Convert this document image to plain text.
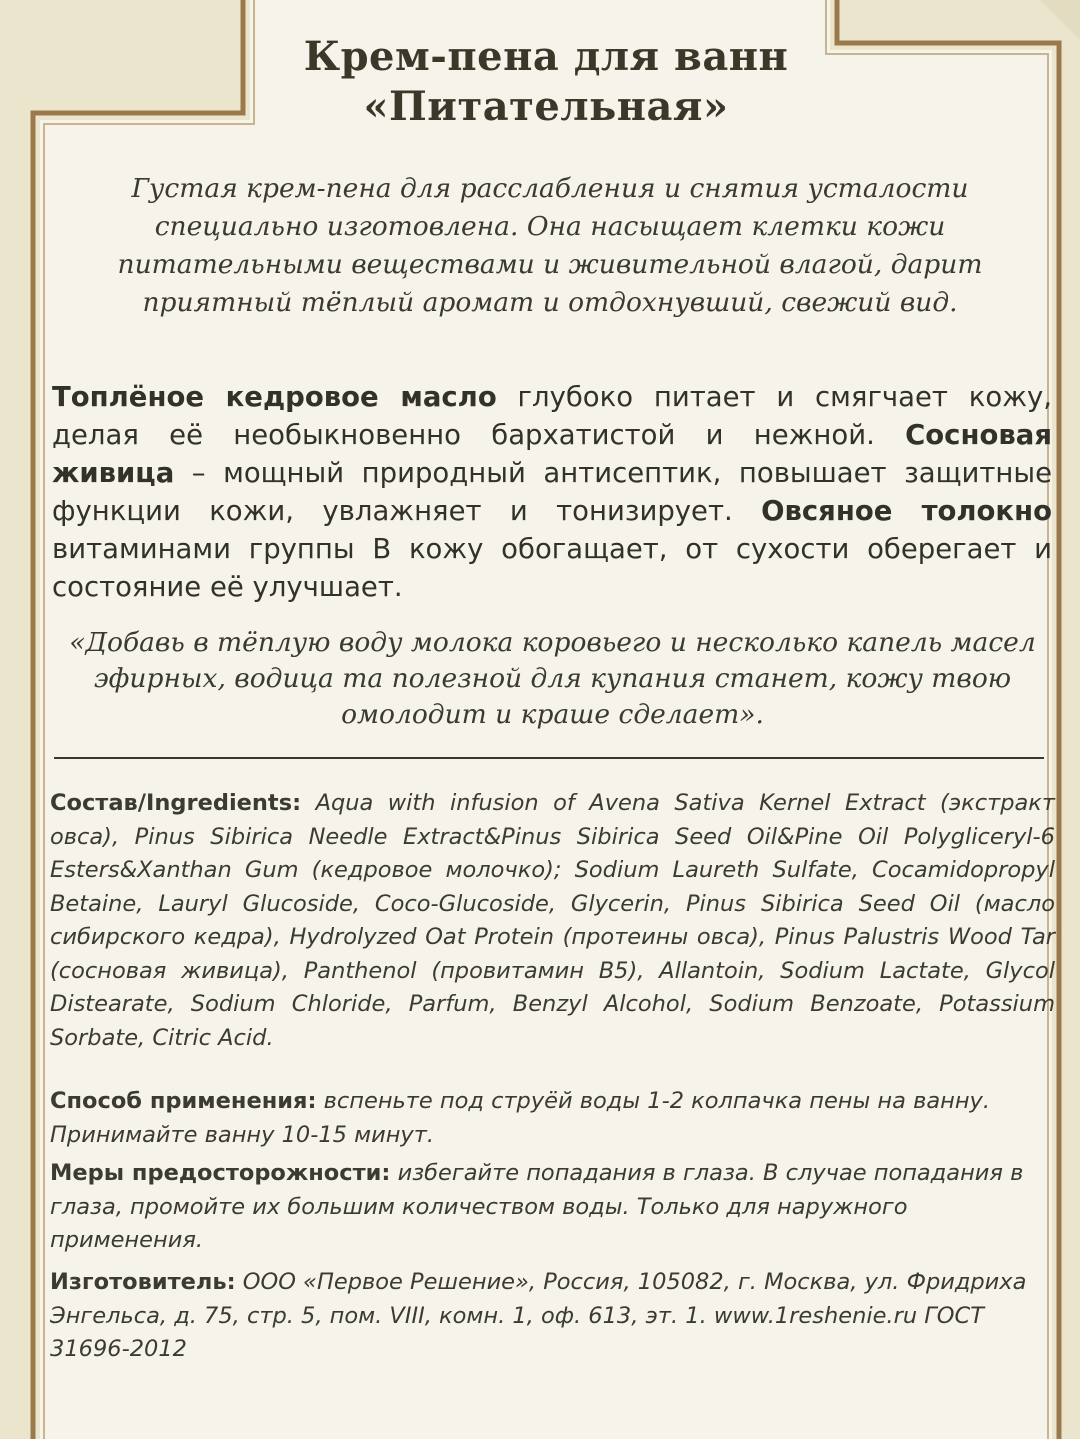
Крем-пена для ванн
«Питательная»
Густая крем-пена для расслабления и снятия усталости специально изготовлена. Она насыщает клетки кожи питательными веществами и живительной влагой, дарит приятный тёплый аромат и отдохнувший, свежий вид.
Топлёное кедровое масло глубоко питает и смягчает кожу, делая её необыкновенно бархатистой и нежной. Сосновая живица – мощный природный антисептик, повышает защитные функции кожи, увлажняет и тонизирует. Овсяное толокно витаминами группы В кожу обогащает, от сухости оберегает и состояние её улучшает.
«Добавь в тёплую воду молока коровьего и несколько капель масел эфирных, водица та полезной для купания станет, кожу твою омолодит и краше сделает».
Состав/Ingredients: Aqua with infusion of Avena Sativa Kernel Extract (экстракт овса), Pinus Sibirica Needle Extract&Pinus Sibirica Seed Oil&Pine Oil Polygliceryl-6 Esters&Xanthan Gum (кедровое молочко); Sodium Laureth Sulfate, Cocamidopropyl Betaine, Lauryl Glucoside, Coco-Glucoside, Glycerin, Pinus Sibirica Seed Oil (масло сибирского кедра), Hydrolyzed Oat Protein (протеины овса), Pinus Palustris Wood Tar (сосновая живица), Panthenol (провитамин B5), Allantoin, Sodium Lactate, Glycol Distearate, Sodium Chloride, Parfum, Benzyl Alcohol, Sodium Benzoate, Potassium Sorbate, Citric Acid.
Способ применения: вспеньте под струёй воды 1-2 колпачка пены на ванну. Принимайте ванну 10-15 минут.
Меры предосторожности: избегайте попадания в глаза. В случае попадания в глаза, промойте их большим количеством воды. Только для наружного применения.
Изготовитель: ООО «Первое Решение», Россия, 105082, г. Москва, ул. Фридриха Энгельса, д. 75, стр. 5, пом. VIII, комн. 1, оф. 613, эт. 1. www.1reshenie.ru ГОСТ 31696-2012
